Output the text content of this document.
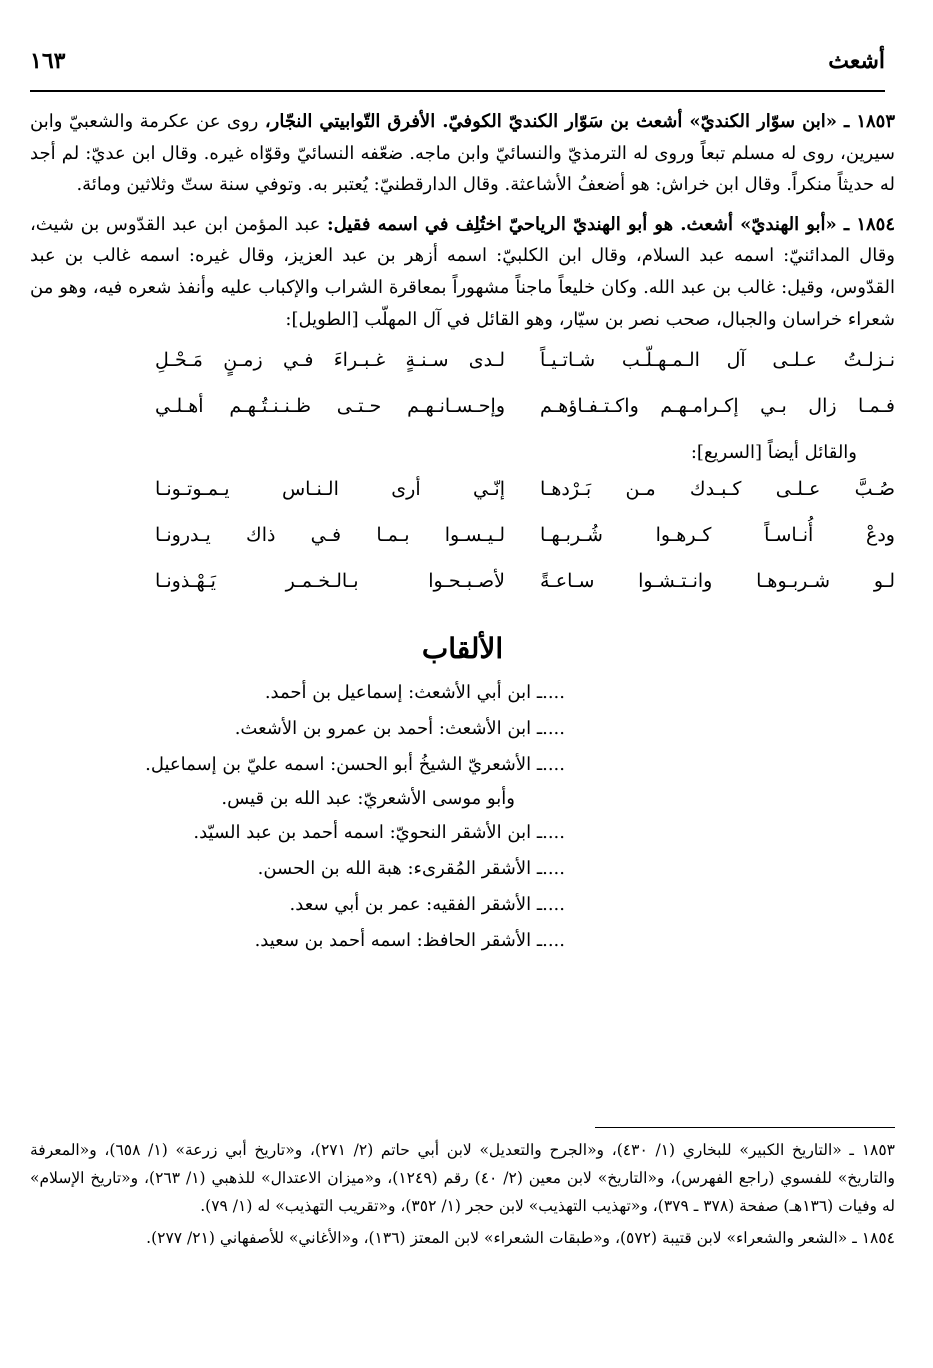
أشعث
١٦٣

١٨٥٣ ـ «ابن سوّار الكنديّ» أشعث بن سَوّار الكنديّ الكوفيّ. الأفرق التّوابيتي النجّار، روى عن عكرمة والشعبيّ وابن سيرين، روى له مسلم تبعاً وروى له الترمذيّ والنسائيّ وابن ماجه. ضعّفه النسائيّ وقوّاه غيره. وقال ابن عديّ: لم أجد له حديثاً منكراً. وقال ابن خراش: هو أضعفُ الأشاعثة. وقال الدارقطنيّ: يُعتبر به. وتوفي سنة ستّ وثلاثين ومائة.

١٨٥٤ ـ «أبو الهنديّ» أشعث. هو أبو الهنديّ الرياحيّ اختُلِف في اسمه فقيل: عبد المؤمن ابن عبد القدّوس بن شيث، وقال المدائنيّ: اسمه عبد السلام، وقال ابن الكلبيّ: اسمه أزهر بن عبد العزيز، وقال غيره: اسمه غالب بن عبد القدّوس، وقيل: غالب بن عبد الله. وكان خليعاً ماجناً مشهوراً بمعاقرة الشراب والإكباب عليه وأنفذ شعره فيه، وهو من شعراء خراسان والجبال، صحب نصر بن سيّار، وهو القائل في آل المهلّب [الطويل]:

نـزلـتُ عـلـى آل الـمـهـلّـب شـاتـيـاً
لـدى سـنـةٍ غـبـراءَ فـي زمـنٍ مَـحْـلِ
فـمـا زال بـي إكـرامـهـم واكـتـفـاؤهـم
وإحـسـانـهـم حـتـى ظـنـنـتُـهـم أهـلـي
والقائل أيضاً [السريع]:
صُـبَّ عـلـى كـبـدك مـن بَـرْدهـا
إنّـي أرى الـنـاس يـمـوتـونـا
ودعْ أُنـاسـاً كـرهـوا شُـربـهـا
لـيـسـوا بـمـا فـي ذاك يـدرونـا
لـو شـربـوهـا وانـتـشـوا سـاعـةً
لأصـبـحـوا بـالـخـمـر يَـهْـذونـا
الألقاب
....ـ ابن أبي الأشعث: إسماعيل بن أحمد.
....ـ ابن الأشعث: أحمد بن عمرو بن الأشعث.
....ـ الأشعريّ الشيخُ أبو الحسن: اسمه عليّ بن إسماعيل.
وأبو موسى الأشعريّ: عبد الله بن قيس.
....ـ ابن الأشقر النحويّ: اسمه أحمد بن عبد السيّد.
....ـ الأشقر المُقرىء: هبة الله بن الحسن.
....ـ الأشقر الفقيه: عمر بن أبي سعد.
....ـ الأشقر الحافظ: اسمه أحمد بن سعيد.

١٨٥٣ ـ «التاريخ الكبير» للبخاري (١/ ٤٣٠)، و«الجرح والتعديل» لابن أبي حاتم (٢/ ٢٧١)، و«تاريخ أبي زرعة» (١/ ٦٥٨)، و«المعرفة والتاريخ» للفسوي (راجع الفهرس)، و«التاريخ» لابن معين (٢/ ٤٠) رقم (١٢٤٩)، و«ميزان الاعتدال» للذهبي (١/ ٢٦٣)، و«تاريخ الإسلام» له وفيات (١٣٦هـ) صفحة (٣٧٨ ـ ٣٧٩)، و«تهذيب التهذيب» لابن حجر (١/ ٣٥٢)، و«تقريب التهذيب» له (١/ ٧٩).

١٨٥٤ ـ «الشعر والشعراء» لابن قتيبة (٥٧٢)، و«طبقات الشعراء» لابن المعتز (١٣٦)، و«الأغاني» للأصفهاني (٢١/ ٢٧٧).
